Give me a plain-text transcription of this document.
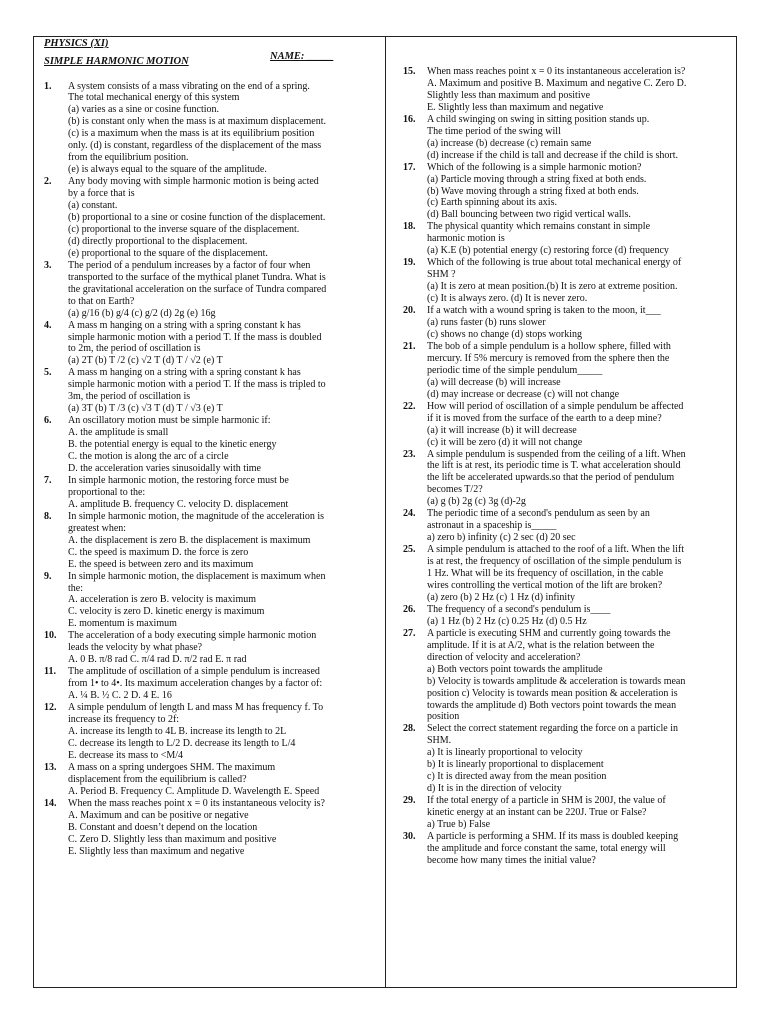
PHYSICS (XI)
SIMPLE HARMONIC MOTION	NAME: _____
1. A system consists of a mass vibrating on the end of a spring.
The total mechanical energy of this system
(a) varies as a sine or cosine function.
(b) is constant only when the mass is at maximum displacement.
(c) is a maximum when the mass is at its equilibrium position
only. (d) is constant, regardless of the displacement of the mass
from the equilibrium position.
(e) is always equal to the square of the amplitude.
2. Any body moving with simple harmonic motion is being acted
by a force that is
(a) constant.
(b) proportional to a sine or cosine function of the displacement.
(c) proportional to the inverse square of the displacement.
(d) directly proportional to the displacement.
(e) proportional to the square of the displacement.
3. The period of a pendulum increases by a factor of four when
transported to the surface of the mythical planet Tundra. What is
the gravitational acceleration on the surface of Tundra compared
to that on Earth?
(a) g/16 (b) g/4 (c) g/2 (d) 2g (e) 16g
4. A mass m hanging on a string with a spring constant k has
simple harmonic motion with a period T. If the mass is doubled
to 2m, the period of oscillation is
(a) 2T (b) T /2 (c) √2 T (d) T / √2 (e) T
5. A mass m hanging on a string with a spring constant k has
simple harmonic motion with a period T. If the mass is tripled to
3m, the period of oscillation is
(a) 3T (b) T /3 (c) √3 T (d) T / √3 (e) T
6. An oscillatory motion must be simple harmonic if:
A. the amplitude is small
B. the potential energy is equal to the kinetic energy
C. the motion is along the arc of a circle
D. the acceleration varies sinusoidally with time
7. In simple harmonic motion, the restoring force must be
proportional to the:
A. amplitude B. frequency C. velocity D. displacement
8. In simple harmonic motion, the magnitude of the acceleration is
greatest when:
A. the displacement is zero B. the displacement is maximum
C. the speed is maximum D. the force is zero
E. the speed is between zero and its maximum
9. In simple harmonic motion, the displacement is maximum when
the:
A. acceleration is zero B. velocity is maximum
C. velocity is zero D. kinetic energy is maximum
E. momentum is maximum
10. The acceleration of a body executing simple harmonic motion
leads the velocity by what phase?
A. 0 B. π/8 rad C. π/4 rad D. π/2 rad E. π rad
11. The amplitude of oscillation of a simple pendulum is increased
from 1• to 4•. Its maximum acceleration changes by a factor of:
A. ¼ B. ½ C. 2 D. 4 E. 16
12. A simple pendulum of length L and mass M has frequency f. To
increase its frequency to 2f:
A. increase its length to 4L B. increase its length to 2L
C. decrease its length to L/2 D. decrease its length to L/4
E. decrease its mass to <M/4
13. A mass on a spring undergoes SHM. The maximum
displacement from the equilibrium is called?
A. Period B. Frequency C. Amplitude D. Wavelength E. Speed
14. When the mass reaches point x = 0 its instantaneous velocity is?
A. Maximum and can be positive or negative
B. Constant and doesn’t depend on the location
C. Zero D. Slightly less than maximum and positive
E. Slightly less than maximum and negative
15. When mass reaches point x = 0 its instantaneous acceleration is?
A. Maximum and positive B. Maximum and negative C. Zero D.
Slightly less than maximum and positive
E. Slightly less than maximum and negative
16. A child swinging on swing in sitting position stands up.
The time period of the swing will
(a) increase (b) decrease (c) remain same
(d) increase if the child is tall and decrease if the child is short.
17. Which of the following is a simple harmonic motion?
(a) Particle moving through a string fixed at both ends.
(b) Wave moving through a string fixed at both ends.
(c) Earth spinning about its axis.
(d) Ball bouncing between two rigid vertical walls.
18. The physical quantity which remains constant in simple
harmonic motion is
(a) K.E (b) potential energy (c) restoring force (d) frequency
19. Which of the following is true about total mechanical energy of
SHM ?
(a) It is zero at mean position.(b) It is zero at extreme position.
(c) It is always zero. (d) It is never zero.
20. If a watch with a wound spring is taken to the moon, it___
(a) runs faster (b) runs slower
(c) shows no change (d) stops working
21. The bob of a simple pendulum is a hollow sphere, filled with
mercury. If 5% mercury is removed from the sphere then the
periodic time of the simple pendulum_____
(a) will decrease (b) will increase
(d) may increase or decrease (c) will not change
22. How will period of oscillation of a simple pendulum be affected
if it is moved from the surface of the earth to a deep mine?
(a) it will increase (b) it will decrease
(c) it will be zero (d) it will not change
23. A simple pendulum is suspended from the ceiling of a lift. When
the lift is at rest, its periodic time is T. what acceleration should
the lift be accelerated upwards.so that the period of pendulum
becomes T/2?
(a) g (b) 2g (c) 3g (d)-2g
24. The periodic time of a second's pendulum as seen by an
astronaut in a spaceship is_____
a) zero b) infinity (c) 2 sec (d) 20 sec
25. A simple pendulum is attached to the roof of a lift. When the lift
is at rest, the frequency of oscillation of the simple pendulum is
1 Hz. What will be its frequency of oscillation, in the cable
wires controlling the vertical motion of the lift are broken?
(a) zero (b) 2 Hz (c) 1 Hz (d) infinity
26. The frequency of a second's pendulum is____
(a) 1 Hz (b) 2 Hz (c) 0.25 Hz (d) 0.5 Hz
27. A particle is executing SHM and currently going towards the
amplitude. If it is at A/2, what is the relation between the
direction of velocity and acceleration?
a) Both vectors point towards the amplitude
b) Velocity is towards amplitude & acceleration is towards mean
position c) Velocity is towards mean position & acceleration is
towards the amplitude d) Both vectors point towards the mean
position
28. Select the correct statement regarding the force on a particle in
SHM.
a) It is linearly proportional to velocity
b) It is linearly proportional to displacement
c) It is directed away from the mean position
d) It is in the direction of velocity
29. If the total energy of a particle in SHM is 200J, the value of
kinetic energy at an instant can be 220J. True or False?
a) True b) False
30. A particle is performing a SHM. If its mass is doubled keeping
the amplitude and force constant the same, total energy will
become how many times the initial value?
